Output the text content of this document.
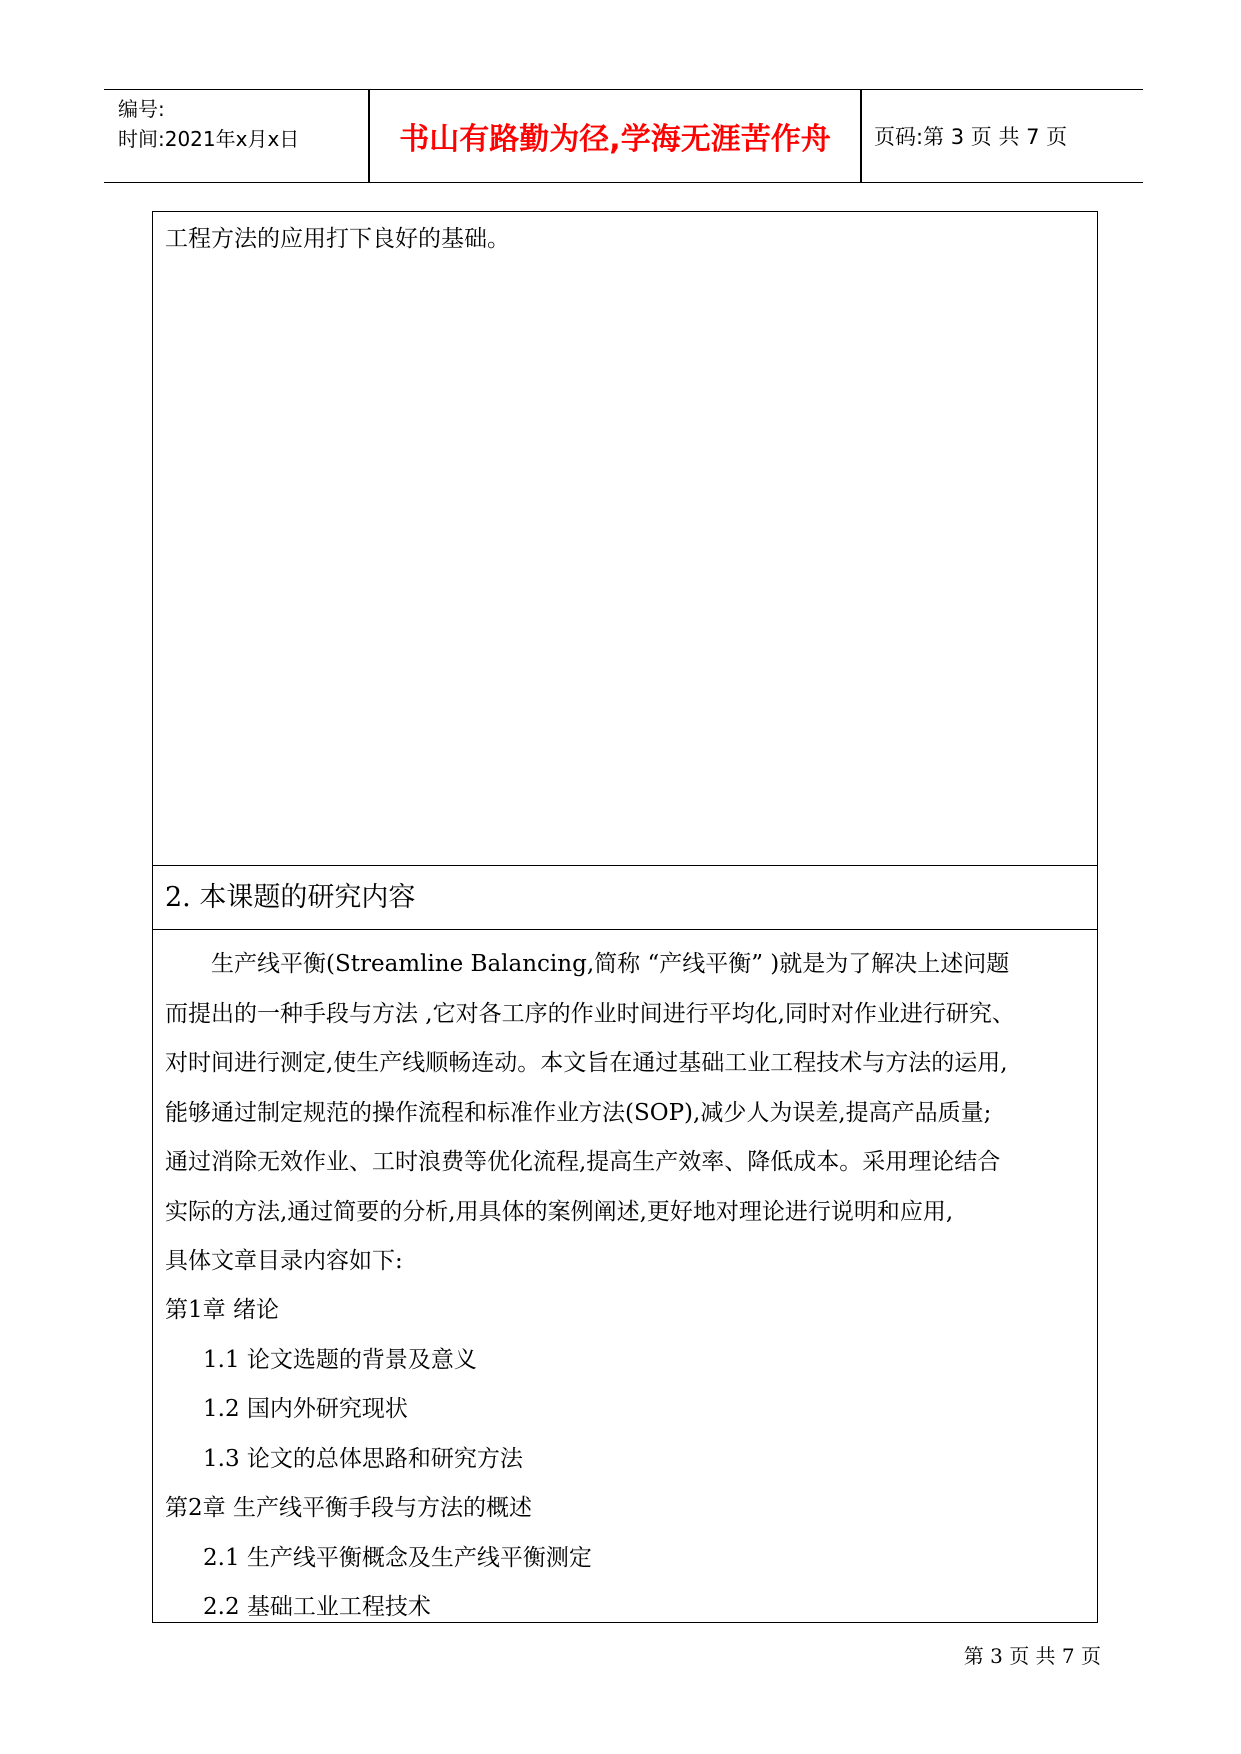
编号:
时间:2021年x月x日	书山有路勤为径,学海无涯苦作舟	页码:第 3 页 共 7 页
工程方法的应用打下良好的基础。
2. 本课题的研究内容
生产线平衡(Streamline Balancing,简称 “产线平衡” )就是为了解决上述问题
而提出的一种手段与方法 ,它对各工序的作业时间进行平均化,同时对作业进行研究、
对时间进行测定,使生产线顺畅连动。本文旨在通过基础工业工程技术与方法的运用,
能够通过制定规范的操作流程和标准作业方法(SOP),减少人为误差,提高产品质量;
通过消除无效作业、工时浪费等优化流程,提高生产效率、降低成本。采用理论结合
实际的方法,通过简要的分析,用具体的案例阐述,更好地对理论进行说明和应用,
具体文章目录内容如下:
第1章 绪论
1.1 论文选题的背景及意义
1.2 国内外研究现状
1.3 论文的总体思路和研究方法
第2章 生产线平衡手段与方法的概述
2.1 生产线平衡概念及生产线平衡测定
2.2 基础工业工程技术
第 3 页 共 7 页
